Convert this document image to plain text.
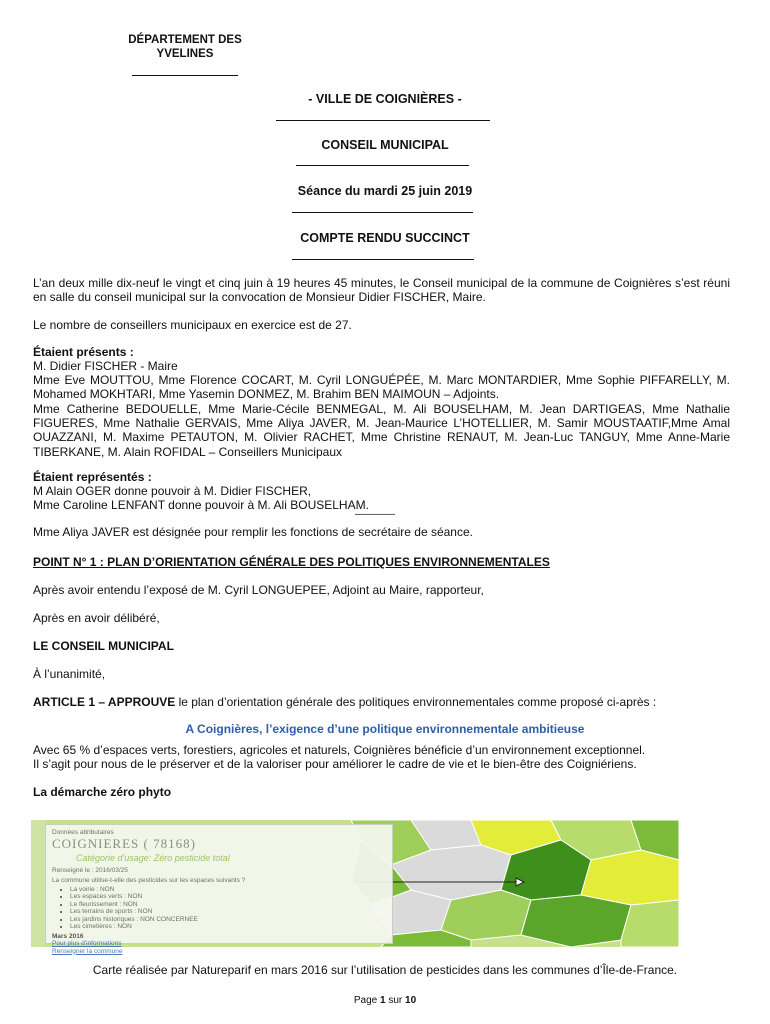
DÉPARTEMENT DES
YVELINES
- VILLE DE COIGNIÈRES -
CONSEIL MUNICIPAL
Séance du mardi 25 juin 2019
COMPTE RENDU SUCCINCT
L’an deux mille dix-neuf le vingt et cinq juin à 19 heures 45 minutes, le Conseil municipal de la commune de Coignières s’est réuni en salle du conseil municipal sur la convocation de Monsieur Didier FISCHER, Maire.
Le nombre de conseillers municipaux en exercice est de 27.
Étaient présents :
M. Didier FISCHER - Maire
Mme Eve MOUTTOU, Mme Florence COCART, M. Cyril LONGUÉPÉE, M. Marc MONTARDIER, Mme Sophie PIFFARELLY, M. Mohamed MOKHTARI, Mme Yasemin DONMEZ, M. Brahim BEN MAIMOUN – Adjoints.
Mme Catherine BEDOUELLE, Mme Marie-Cécile BENMEGAL, M. Ali BOUSELHAM, M. Jean DARTIGEAS, Mme Nathalie FIGUERES, Mme Nathalie GERVAIS, Mme Aliya JAVER, M. Jean-Maurice L’HOTELLIER, M. Samir MOUSTAATIF,Mme Amal OUAZZANI, M. Maxime PETAUTON, M. Olivier RACHET, Mme Christine RENAUT, M. Jean-Luc TANGUY, Mme Anne-Marie TIBERKANE, M. Alain ROFIDAL – Conseillers Municipaux
Étaient représentés :
M Alain OGER donne pouvoir à M. Didier FISCHER,
Mme Caroline LENFANT donne pouvoir à M. Ali BOUSELHAM.
————
Mme Aliya JAVER est désignée pour remplir les fonctions de secrétaire de séance.
POINT N° 1 : PLAN D’ORIENTATION GÉNÉRALE DES POLITIQUES ENVIRONNEMENTALES
Après avoir entendu l’exposé de M. Cyril LONGUEPEE, Adjoint au Maire, rapporteur,
Après en avoir délibéré,
LE CONSEIL MUNICIPAL
À l’unanimité,
ARTICLE 1 – APPROUVE le plan d’orientation générale des politiques environnementales comme proposé ci-après :
A Coignières, l’exigence d’une politique environnementale ambitieuse
Avec 65 % d’espaces verts, forestiers, agricoles et naturels, Coignières bénéficie d’un environnement exceptionnel.
Il s’agit pour nous de le préserver et de la valoriser pour améliorer le cadre de vie et le bien-être des Coigniériens.
La démarche zéro phyto
Données attributaires
COIGNIERES ( 78168)
Catégorie d'usage: Zéro pesticide total
Renseigné le : 2016/03/25
La commune utilise-t-elle des pesticides sur les espaces suivants ?
▪ La voirie : NON
▪ Les espaces verts : NON
▪ Le fleurissement : NON
▪ Les terrains de sports : NON
▪ Les jardins historiques : NON CONCERNEE
▪ Les cimetières : NON
Mars 2016
Pour plus d'informations
Renseigner la commune
Carte réalisée par Natureparif en mars 2016 sur l’utilisation de pesticides dans les communes d’Île-de-France.
Page 1 sur 10
